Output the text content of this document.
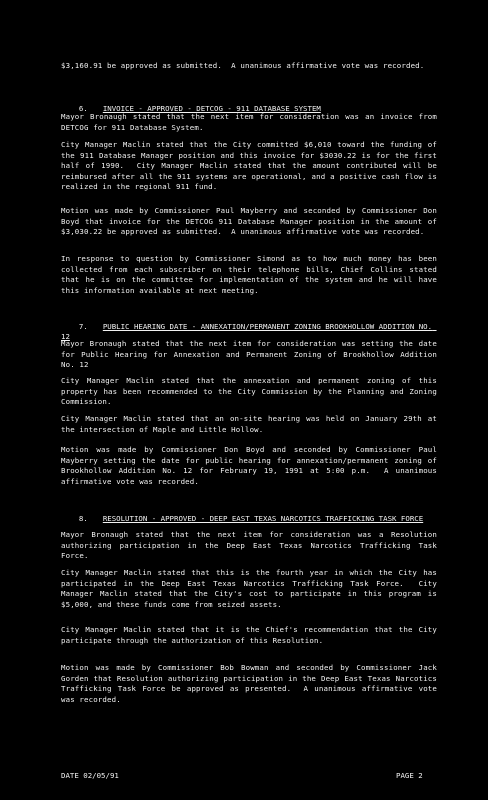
$3,160.91 be approved as submitted.  A unanimous affirmative vote was recorded.

6. INVOICE - APPROVED - DETCOG - 911 DATABASE SYSTEM

Mayor Bronaugh stated that the next item for consideration was an invoice from DETCOG for 911 Database System.
City Manager Maclin stated that the City committed $6,010 toward the funding of the 911 Database Manager position and this invoice for $3030.22 is for the first half of 1990.  City Manager Maclin stated that the amount contributed will be reimbursed after all the 911 systems are operational, and a positive cash flow is realized in the regional 911 fund.
Motion was made by Commissioner Paul Mayberry and seconded by Commissioner Don Boyd that invoice for the DETCOG 911 Database Manager position in the amount of $3,030.22 be approved as submitted.  A unanimous affirmative vote was recorded.
In response to question by Commissioner Simond as to how much money has been collected from each subscriber on their telephone bills, Chief Collins stated that he is on the committee for implementation of the system and he will have this information available at next meeting.

7. PUBLIC HEARING DATE - ANNEXATION/PERMANENT ZONING BROOKHOLLOW ADDITION NO. 12

Mayor Bronaugh stated that the next item for consideration was setting the date for Public Hearing for Annexation and Permanent Zoning of Brookhollow Addition No. 12
City Manager Maclin stated that the annexation and permanent zoning of this property has been recommended to the City Commission by the Planning and Zoning Commission.
City Manager Maclin stated that an on-site hearing was held on January 29th at the intersection of Maple and Little Hollow.
Motion was made by Commissioner Don Boyd and seconded by Commissioner Paul Mayberry setting the date for public hearing for annexation/permanent zoning of Brookhollow Addition No. 12 for February 19, 1991 at 5:00 p.m.  A unanimous affirmative vote was recorded.

8. RESOLUTION - APPROVED - DEEP EAST TEXAS NARCOTICS TRAFFICKING TASK FORCE

Mayor Bronaugh stated that the next item for consideration was a Resolution authorizing participation in the Deep East Texas Narcotics Trafficking Task Force.
City Manager Maclin stated that this is the fourth year in which the City has participated in the Deep East Texas Narcotics Trafficking Task Force.  City Manager Maclin stated that the City's cost to participate in this program is $5,000, and these funds come from seized assets.
City Manager Maclin stated that it is the Chief's recommendation that the City participate through the authorization of this Resolution.
Motion was made by Commissioner Bob Bowman and seconded by Commissioner Jack Gorden that Resolution authorizing participation in the Deep East Texas Narcotics Trafficking Task Force be approved as presented.  A unanimous affirmative vote was recorded.
DATE 02/05/91	PAGE 2
